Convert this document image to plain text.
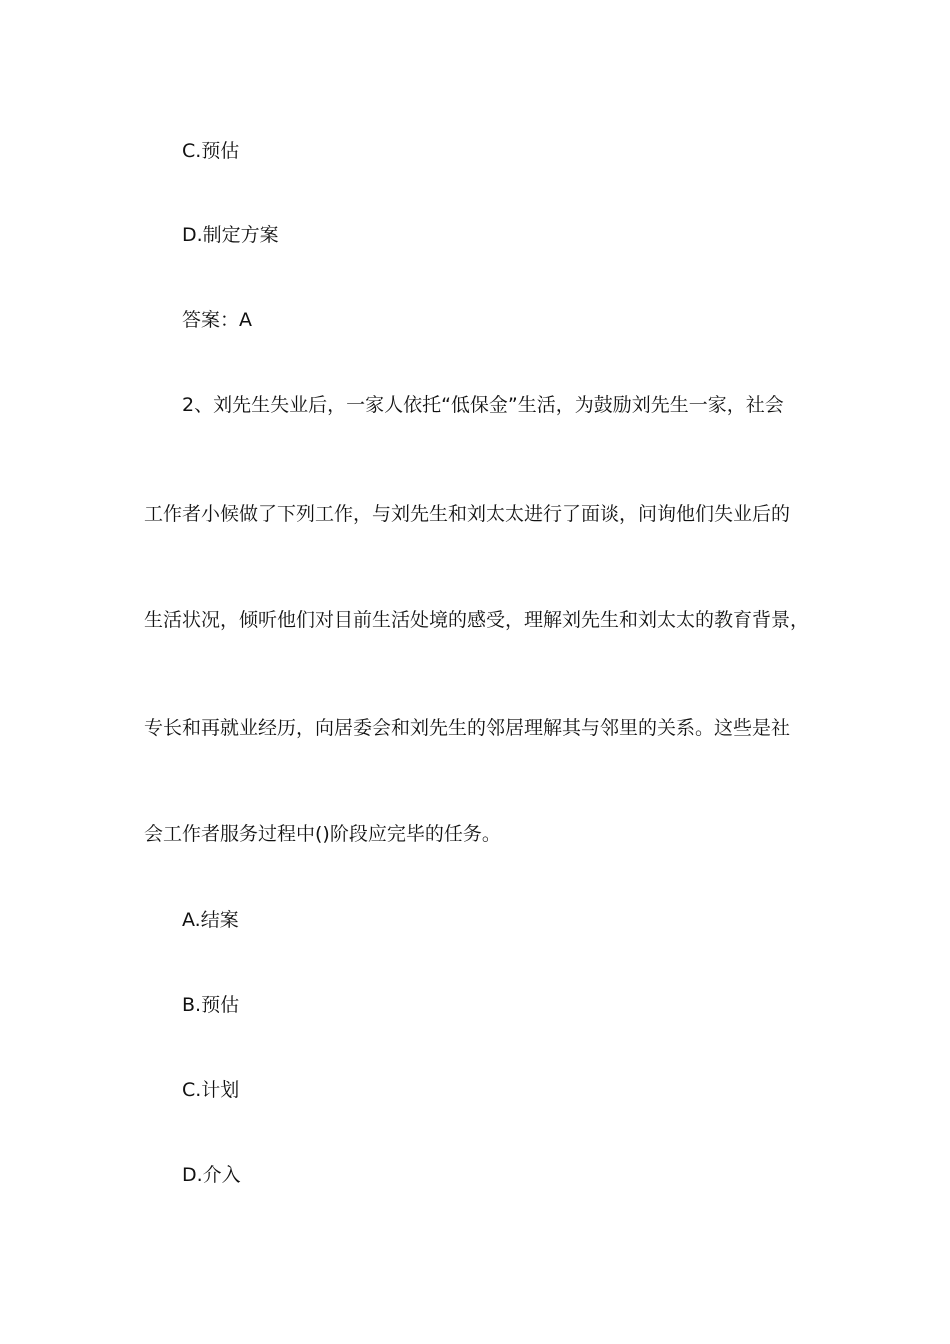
C.预估
D.制定方案
答案：A
2、刘先生失业后，一家人依托“低保金”生活，为鼓励刘先生一家，社会
工作者小候做了下列工作，与刘先生和刘太太进行了面谈，问询他们失业后的
生活状况，倾听他们对目前生活处境的感受，理解刘先生和刘太太的教育背景，
专长和再就业经历，向居委会和刘先生的邻居理解其与邻里的关系。这些是社
会工作者服务过程中()阶段应完毕的任务。
A.结案
B.预估
C.计划
D.介入
